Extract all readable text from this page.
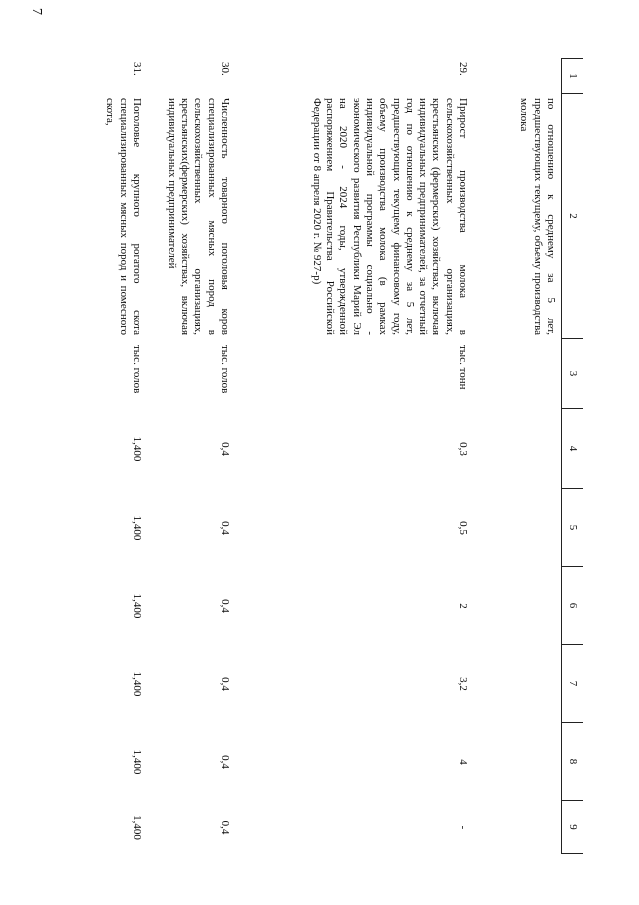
7
1
2
3
4
5
6
7
8
9
по отношению к среднему за 5 лет, предшествующих текущему, объему производства молока
29.
Прирост производства молока в сельскохозяйственных организациях, крестьянских (фермерских) хозяйствах, включая индивидуальных предпринимателей, за отчетный год по отношению к среднему за 5 лет, предшествующих текущему финансовому году, объему производства молока (в рамках индивидуальной программы социально - экономического развития Республики Марий Эл на 2020 - 2024 годы, утвержденной распоряжением Правительства Российской Федерации от 8 апреля 2020 г. № 927-р)
тыс. тонн
0,3
0,5
2
3,2
4
-
30.
Численность товарного поголовья коров специализированных мясных пород в сельскохозяйственных организациях, крестьянских(фермерских) хозяйствах, включая индивидуальных предпринимателей
тыс. голов
0,4
0,4
0,4
0,4
0,4
0,4
31.
Поголовье крупного рогатого скота специализированных мясных пород и помесного скота,
тыс. голов
1,400
1,400
1,400
1,400
1,400
1,400
